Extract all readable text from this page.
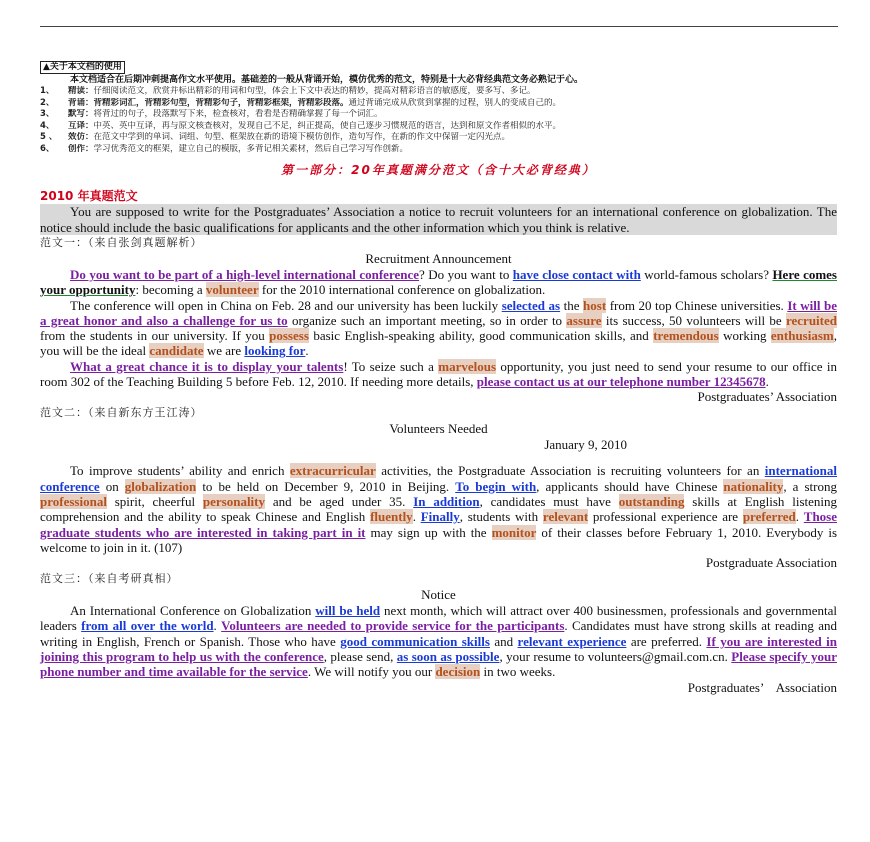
▲关于本文档的使用
本文档适合在后期冲刺提高作文水平使用。基础差的一般从背诵开始，模仿优秀的范文，特别是十大必背经典范文务必熟记于心。
1、 精读：仔细阅读范文，欣赏并标出精彩的用词和句型，体会上下文中表达的精妙，提高对精彩语言的敏感度，要多写、多记。
2、 背诵：背精彩词汇，背精彩句型，背精彩句子，背精彩框架，背精彩段落。通过背诵完成从欣赏到掌握的过程，别人的变成自己的。
3、 默写：将背过的句子，段落默写下来，检查核对，看看是否精确掌握了每一个词汇。
4、 互译：中英、英中互译，再与原文核查核对，发现自己不足，纠正提高，使自己逐步习惯规范的语言，达到和原文作者相似的水平。
5 、 效仿：在范文中学到的单词、词组、句型、框架放在新的语境下模仿创作，造句写作，在新的作文中保留一定闪光点。
6、 创作：学习优秀范文的框架，建立自己的模版，多背记相关素材，然后自己学习写作创新。
第一部分：20年真题满分范文（含十大必背经典）
2010 年真题范文
You are supposed to write for the Postgraduates’ Association a notice to recruit volunteers for an international conference on globalization. The notice should include the basic qualifications for applicants and the other information which you think is relative.
范文一：（来自张剑真题解析）
Recruitment Announcement

Do you want to be part of a high-level international conference? Do you want to have close contact with world-famous scholars? Here comes your opportunity: becoming a volunteer for the 2010 international conference on globalization.

The conference will open in China on Feb. 28 and our university has been luckily selected as the host from 20 top Chinese universities. It will be a great honor and also a challenge for us to organize such an important meeting, so in order to assure its success, 50 volunteers will be recruited from the students in our university. If you possess basic English-speaking ability, good communication skills, and tremendous working enthusiasm, you will be the ideal candidate we are looking for.

What a great chance it is to display your talents! To seize such a marvelous opportunity, you just need to send your resume to our office in room 302 of the Teaching Building 5 before Feb. 12, 2010. If needing more details, please contact us at our telephone number 12345678.

Postgraduates’ Association
范文二：（来自新东方王江涛）
Volunteers Needed
January 9, 2010

To improve students’ ability and enrich extracurricular activities, the Postgraduate Association is recruiting volunteers for an international conference on globalization to be held on December 9, 2010 in Beijing. To begin with, applicants should have Chinese nationality, a strong professional spirit, cheerful personality and be aged under 35. In addition, candidates must have outstanding skills at English listening comprehension and the ability to speak Chinese and English fluently. Finally, students with relevant professional experience are preferred. Those graduate students who are interested in taking part in it may sign up with the monitor of their classes before February 1, 2010. Everybody is welcome to join in it. (107)

Postgraduate Association
范文三：（来自考研真相）
Notice

An International Conference on Globalization will be held next month, which will attract over 400 businessmen, professionals and governmental leaders from all over the world. Volunteers are needed to provide service for the participants. Candidates must have strong skills at reading and writing in English, French or Spanish. Those who have good communication skills and relevant experience are preferred. If you are interested in joining this program to help us with the conference, please send, as soon as possible, your resume to volunteers@gmail.com.cn. Please specify your phone number and time available for the service. We will notify you our decision in two weeks.

Postgraduates’    Association
